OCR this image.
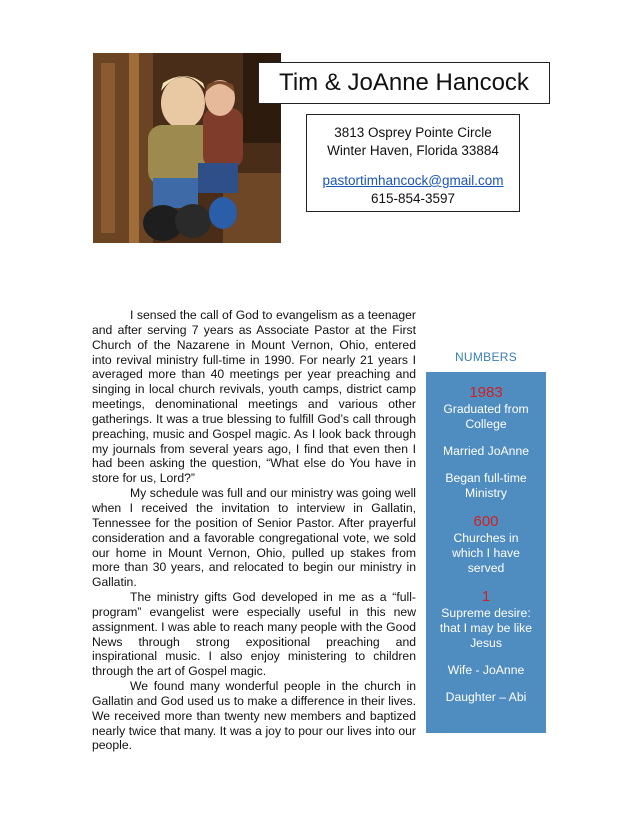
Tim & JoAnne Hancock
3813 Osprey Pointe Circle
Winter Haven, Florida 33884
pastortimhancock@gmail.com
615-854-3597

I sensed the call of God to evangelism as a teenager and after serving 7 years as Associate Pastor at the First Church of the Nazarene in Mount Vernon, Ohio, entered into revival ministry full-time in 1990. For nearly 21 years I averaged more than 40 meetings per year preaching and singing in local church revivals, youth camps, district camp meetings, denominational meetings and various other gatherings. It was a true blessing to fulfill God’s call through preaching, music and Gospel magic. As I look back through my journals from several years ago, I find that even then I had been asking the question, “What else do You have in store for us, Lord?”

My schedule was full and our ministry was going well when I received the invitation to interview in Gallatin, Tennessee for the position of Senior Pastor. After prayerful consideration and a favorable congregational vote, we sold our home in Mount Vernon, Ohio, pulled up stakes from more than 30 years, and relocated to begin our ministry in Gallatin.

The ministry gifts God developed in me as a “full-program” evangelist were especially useful in this new assignment. I was able to reach many people with the Good News through strong expositional preaching and inspirational music. I also enjoy ministering to children through the art of Gospel magic.

We found many wonderful people in the church in Gallatin and God used us to make a difference in their lives. We received more than twenty new members and baptized nearly twice that many. It was a joy to pour our lives into our people.

NUMBERS
1983
Graduated from College
Married JoAnne
Began full-time Ministry
600
Churches in which I have served
1
Supreme desire: that I may be like Jesus
Wife - JoAnne
Daughter – Abi
